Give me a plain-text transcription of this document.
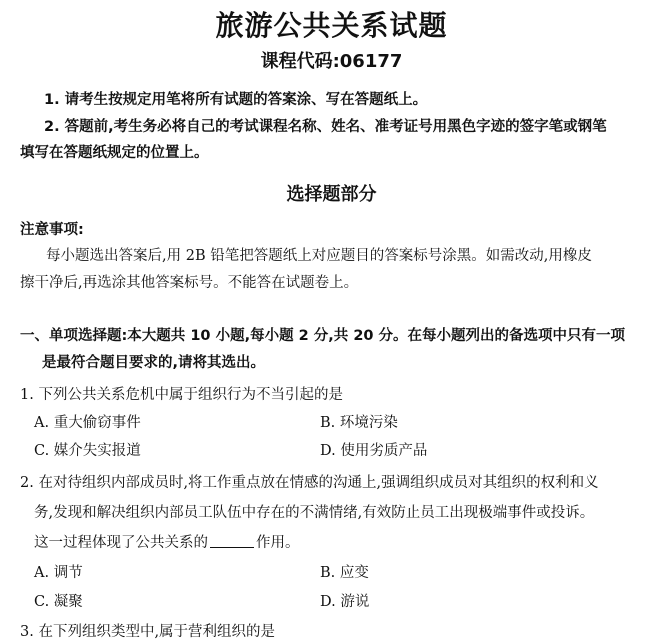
旅游公共关系试题
课程代码:06177
1. 请考生按规定用笔将所有试题的答案涂、写在答题纸上。
2. 答题前,考生务必将自己的考试课程名称、姓名、准考证号用黑色字迹的签字笔或钢笔
填写在答题纸规定的位置上。
选择题部分
注意事项:
每小题选出答案后,用 2B 铅笔把答题纸上对应题目的答案标号涂黑。如需改动,用橡皮
擦干净后,再选涂其他答案标号。不能答在试题卷上。
一、单项选择题:本大题共 10 小题,每小题 2 分,共 20 分。在每小题列出的备选项中只有一项
是最符合题目要求的,请将其选出。
1. 下列公共关系危机中属于组织行为不当引起的是
A. 重大偷窃事件	B. 环境污染
C. 媒介失实报道	D. 使用劣质产品
2. 在对待组织内部成员时,将工作重点放在情感的沟通上,强调组织成员对其组织的权利和义
务,发现和解决组织内部员工队伍中存在的不满情绪,有效防止员工出现极端事件或投诉。
这一过程体现了公共关系的	作用。
A. 调节	B. 应变
C. 凝聚	D. 游说
3. 在下列组织类型中,属于营利组织的是
